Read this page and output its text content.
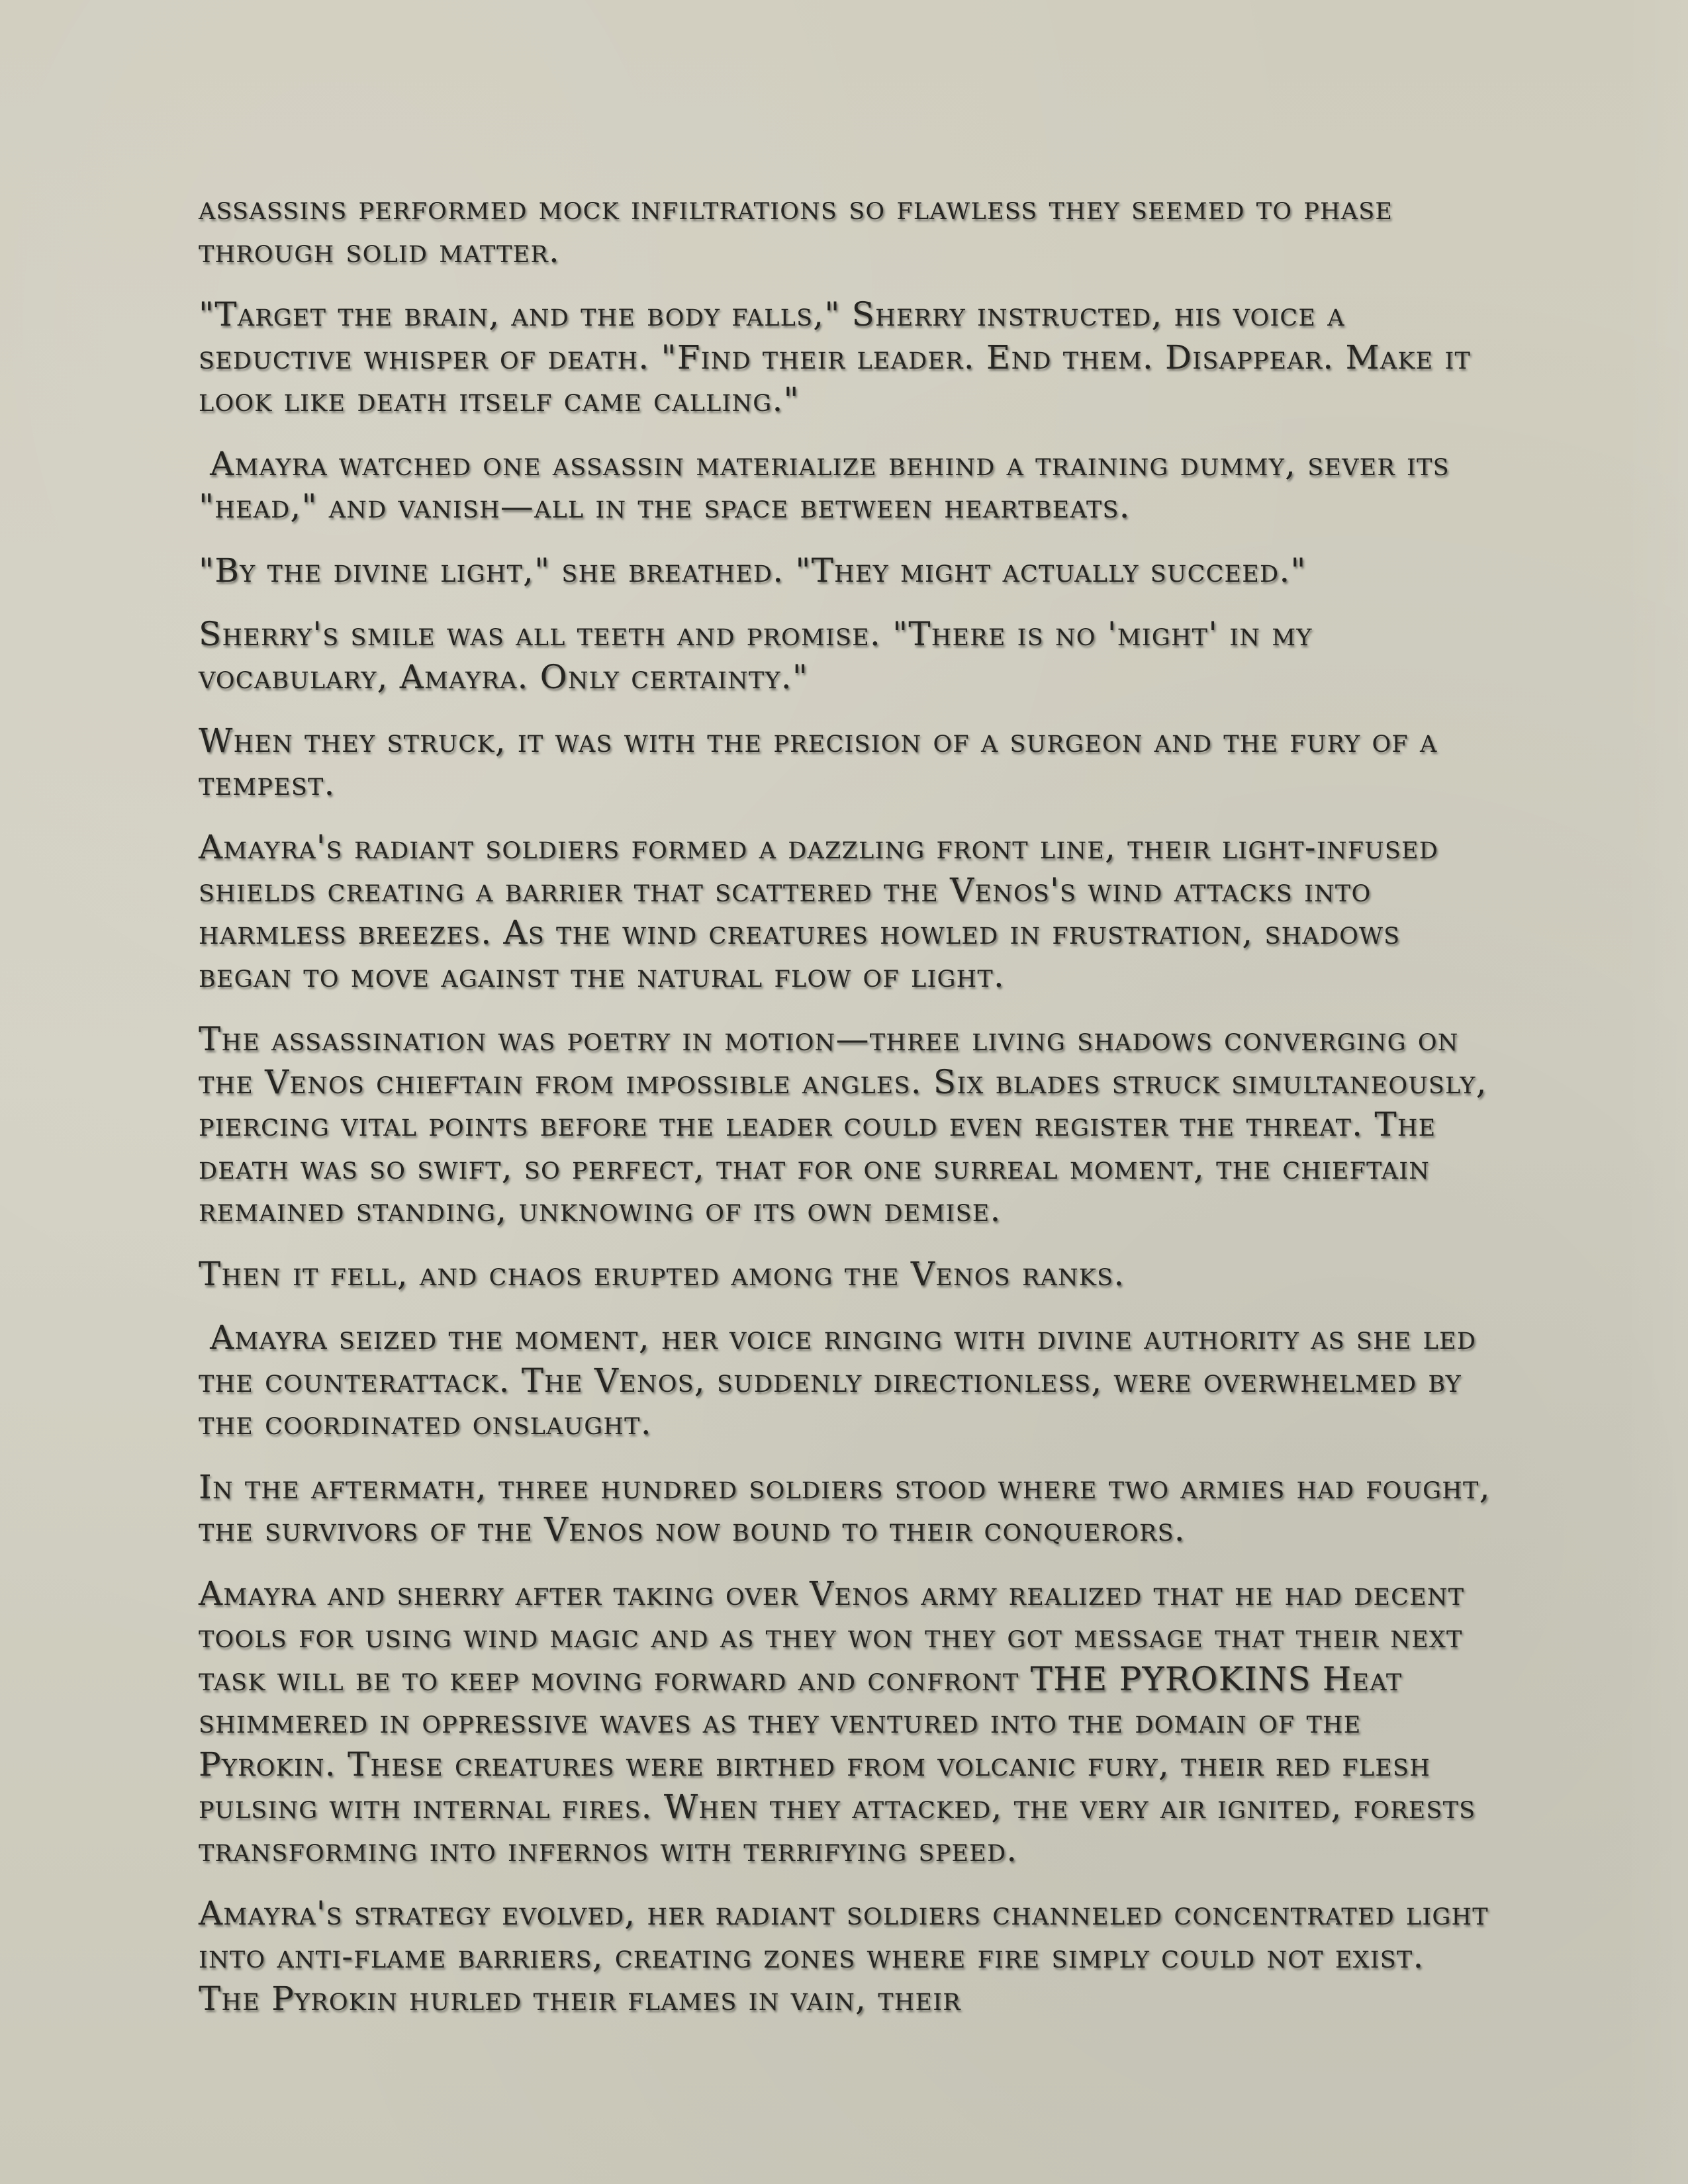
assassins performed mock infiltrations so flawless they seemed to phase through solid matter.

"Target the brain, and the body falls," Sherry instructed, his voice a seductive whisper of death. "Find their leader. End them. Disappear. Make it look like death itself came calling."

Amayra watched one assassin materialize behind a training dummy, sever its "head," and vanish—all in the space between heartbeats.

"By the divine light," she breathed. "They might actually succeed."

Sherry's smile was all teeth and promise. "There is no 'might' in my vocabulary, Amayra. Only certainty."

When they struck, it was with the precision of a surgeon and the fury of a tempest.

Amayra's radiant soldiers formed a dazzling front line, their light-infused shields creating a barrier that scattered the Venos's wind attacks into harmless breezes. As the wind creatures howled in frustration, shadows began to move against the natural flow of light.

The assassination was poetry in motion—three living shadows converging on the Venos chieftain from impossible angles. Six blades struck simultaneously, piercing vital points before the leader could even register the threat. The death was so swift, so perfect, that for one surreal moment, the chieftain remained standing, unknowing of its own demise.

Then it fell, and chaos erupted among the Venos ranks.

Amayra seized the moment, her voice ringing with divine authority as she led the counterattack. The Venos, suddenly directionless, were overwhelmed by the coordinated onslaught.

In the aftermath, three hundred soldiers stood where two armies had fought, the survivors of the Venos now bound to their conquerors.

Amayra and sherry after taking over Venos army realized that he had decent tools for using wind magic and as they won they got message that their next task will be to keep moving forward and confront THE PYROKINS Heat shimmered in oppressive waves as they ventured into the domain of the Pyrokin. These creatures were birthed from volcanic fury, their red flesh pulsing with internal fires. When they attacked, the very air ignited, forests transforming into infernos with terrifying speed.

Amayra's strategy evolved, her radiant soldiers channeled concentrated light into anti-flame barriers, creating zones where fire simply could not exist. The Pyrokin hurled their flames in vain, their
